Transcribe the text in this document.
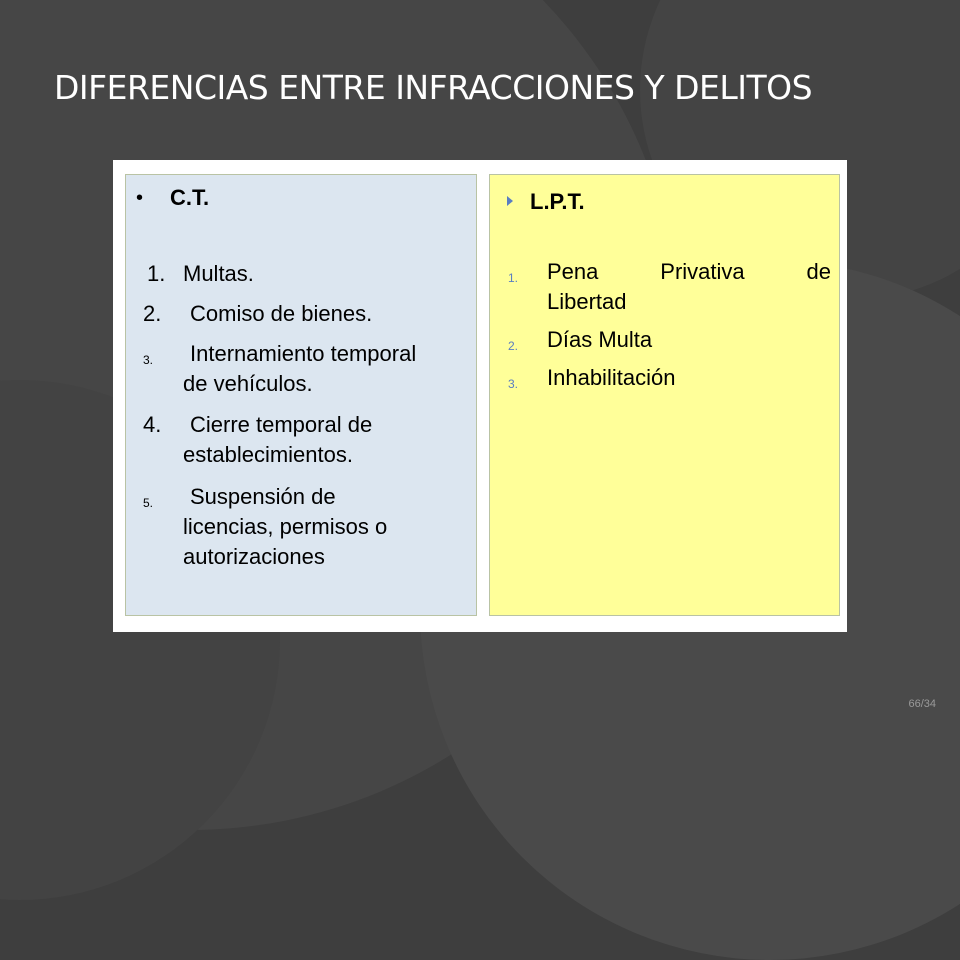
DIFERENCIAS ENTRE INFRACCIONES Y DELITOS
• C.T.
1. Multas.
2. Comiso de bienes.
3. Internamiento temporal
de vehículos.
4. Cierre temporal de
establecimientos.
5. Suspensión de
licencias, permisos o
autorizaciones
L.P.T.
1. Pena	Privativa	de
Libertad
2. Días Multa
3. Inhabilitación
66/34
